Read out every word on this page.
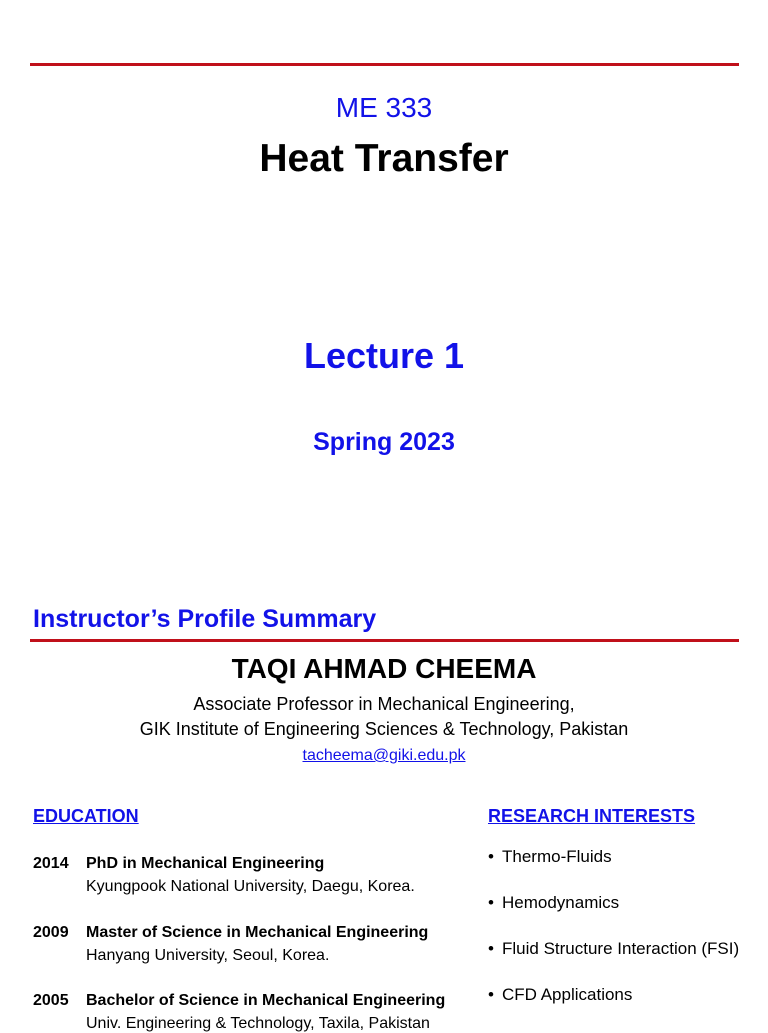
ME 333
Heat Transfer
Lecture 1
Spring 2023
Instructor’s Profile Summary
TAQI AHMAD CHEEMA
Associate Professor in Mechanical Engineering,
GIK Institute of Engineering Sciences & Technology, Pakistan
tacheema@giki.edu.pk
EDUCATION	RESEARCH INTERESTS
2014 PhD in Mechanical Engineering
Kyungpook National University, Daegu, Korea.
2009 Master of Science in Mechanical Engineering
Hanyang University, Seoul, Korea.
2005 Bachelor of Science in Mechanical Engineering
Univ. Engineering & Technology, Taxila, Pakistan
• Thermo-Fluids
• Hemodynamics
• Fluid Structure Interaction (FSI)
• CFD Applications
